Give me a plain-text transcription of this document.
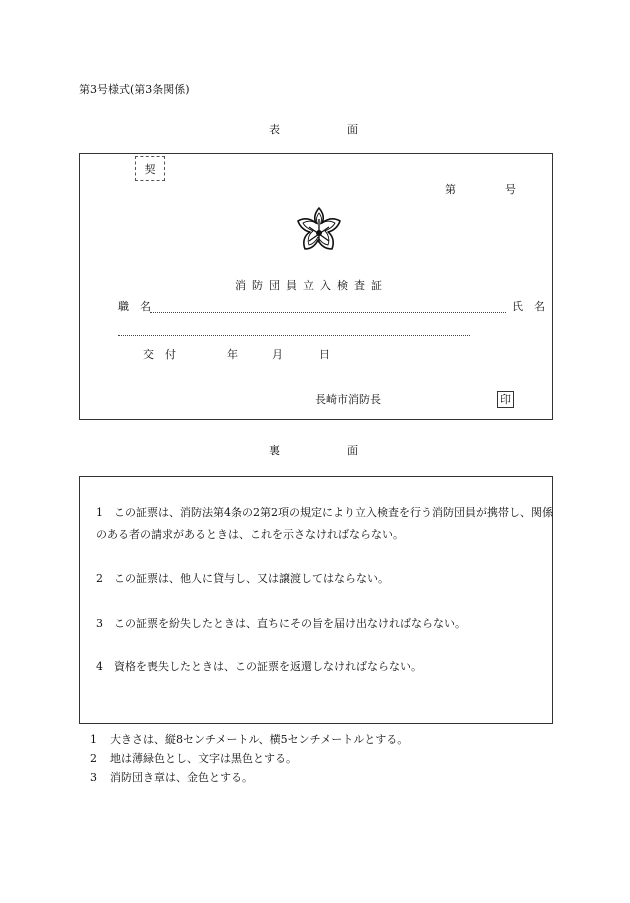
第3号様式(第3条関係)
表	面
契
第	号
消防団員立入検査証
職　名	氏　名
交　付	年	月	日
長崎市消防長	印
裏	面
1 この証票は、消防法第4条の2第2項の規定により立入検査を行う消防団員が携帯し、関係のある者の請求があるときは、これを示さなければならない。
2 この証票は、他人に貸与し、又は譲渡してはならない。
3 この証票を紛失したときは、直ちにその旨を届け出なければならない。
4 資格を喪失したときは、この証票を返還しなければならない。
1 大きさは、縦8センチメートル、横5センチメートルとする。
2 地は薄緑色とし、文字は黒色とする。
3 消防団き章は、金色とする。
